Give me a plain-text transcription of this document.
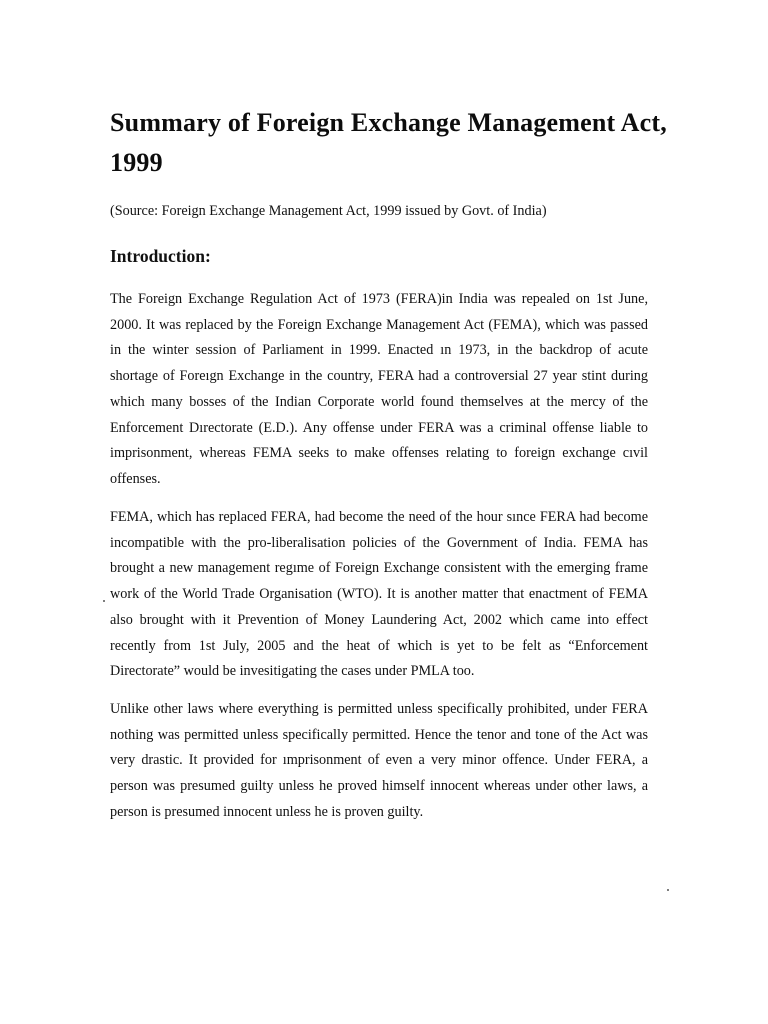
Summary of Foreign Exchange Management Act, 1999

(Source: Foreign Exchange Management Act, 1999 issued by Govt. of India)

Introduction:

The Foreign Exchange Regulation Act of 1973 (FERA)in India was repealed on 1st June, 2000. It was replaced by the Foreign Exchange Management Act (FEMA), which was passed in the winter session of Parliament in 1999. Enacted ın 1973, in the backdrop of acute shortage of Foreıgn Exchange in the country, FERA had a controversial 27 year stint during which many bosses of the Indian Corporate world found themselves at the mercy of the Enforcement Dırectorate (E.D.). Any offense under FERA was a criminal offense liable to imprisonment, whereas FEMA seeks to make offenses relating to foreign exchange cıvil offenses.

FEMA, which has replaced FERA, had become the need of the hour sınce FERA had become incompatible with the pro-liberalisation policies of the Government of India. FEMA has brought a new management regıme of Foreign Exchange consistent with the emerging frame work of the World Trade Organisation (WTO). It is another matter that enactment of FEMA also brought with it Prevention of Money Laundering Act, 2002 which came into effect recently from 1st July, 2005 and the heat of which is yet to be felt as “Enforcement Directorate” would be invesitigating the cases under PMLA too.

Unlike other laws where everything is permitted unless specifically prohibited, under FERA nothing was permitted unless specifically permitted. Hence the tenor and tone of the Act was very drastic. It provided for ımprisonment of even a very minor offence. Under FERA, a person was presumed guilty unless he proved himself innocent whereas under other laws, a person is presumed innocent unless he is proven guilty.
